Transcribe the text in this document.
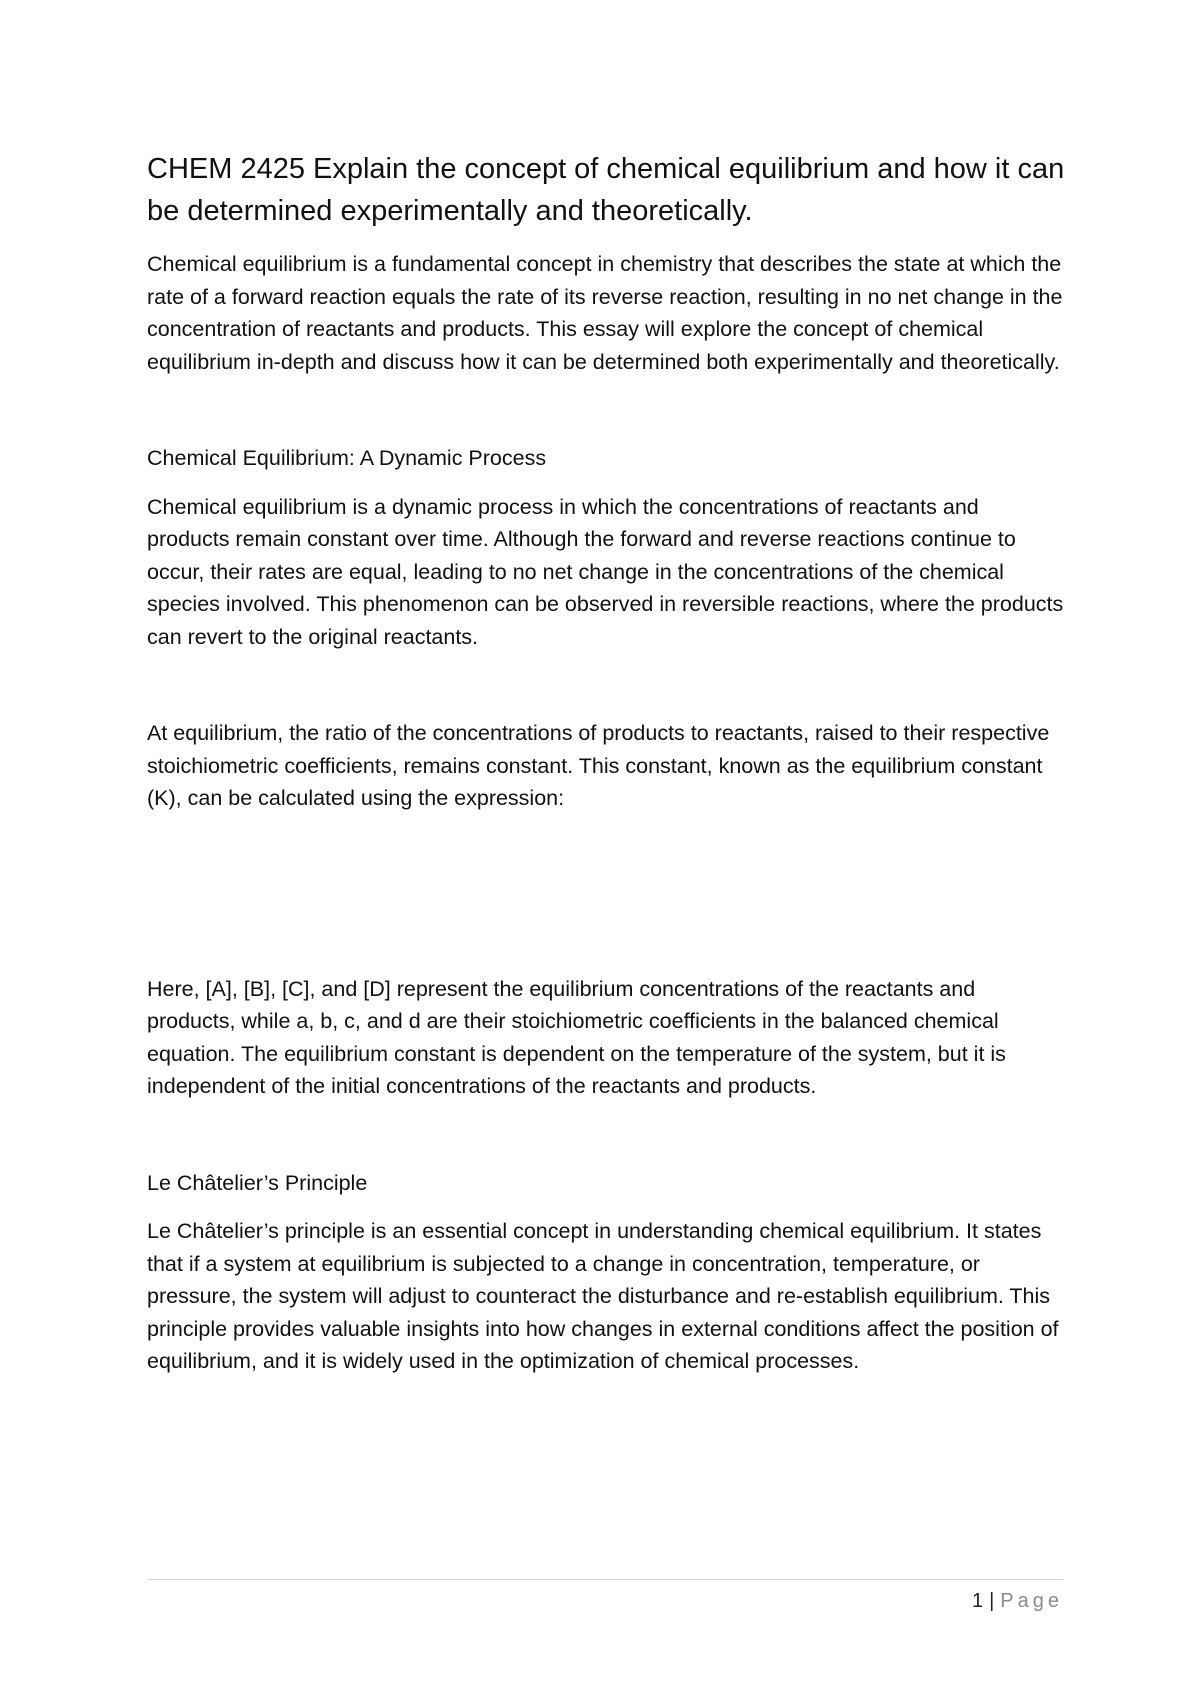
CHEM 2425 Explain the concept of chemical equilibrium and how it can be determined experimentally and theoretically.

Chemical equilibrium is a fundamental concept in chemistry that describes the state at which the rate of a forward reaction equals the rate of its reverse reaction, resulting in no net change in the concentration of reactants and products. This essay will explore the concept of chemical equilibrium in-depth and discuss how it can be determined both experimentally and theoretically.

Chemical Equilibrium: A Dynamic Process

Chemical equilibrium is a dynamic process in which the concentrations of reactants and products remain constant over time. Although the forward and reverse reactions continue to occur, their rates are equal, leading to no net change in the concentrations of the chemical species involved. This phenomenon can be observed in reversible reactions, where the products can revert to the original reactants.

At equilibrium, the ratio of the concentrations of products to reactants, raised to their respective stoichiometric coefficients, remains constant. This constant, known as the equilibrium constant (K), can be calculated using the expression:

Here, [A], [B], [C], and [D] represent the equilibrium concentrations of the reactants and products, while a, b, c, and d are their stoichiometric coefficients in the balanced chemical equation. The equilibrium constant is dependent on the temperature of the system, but it is independent of the initial concentrations of the reactants and products.

Le Châtelier’s Principle

Le Châtelier’s principle is an essential concept in understanding chemical equilibrium. It states that if a system at equilibrium is subjected to a change in concentration, temperature, or pressure, the system will adjust to counteract the disturbance and re-establish equilibrium. This principle provides valuable insights into how changes in external conditions affect the position of equilibrium, and it is widely used in the optimization of chemical processes.

1 | Page
